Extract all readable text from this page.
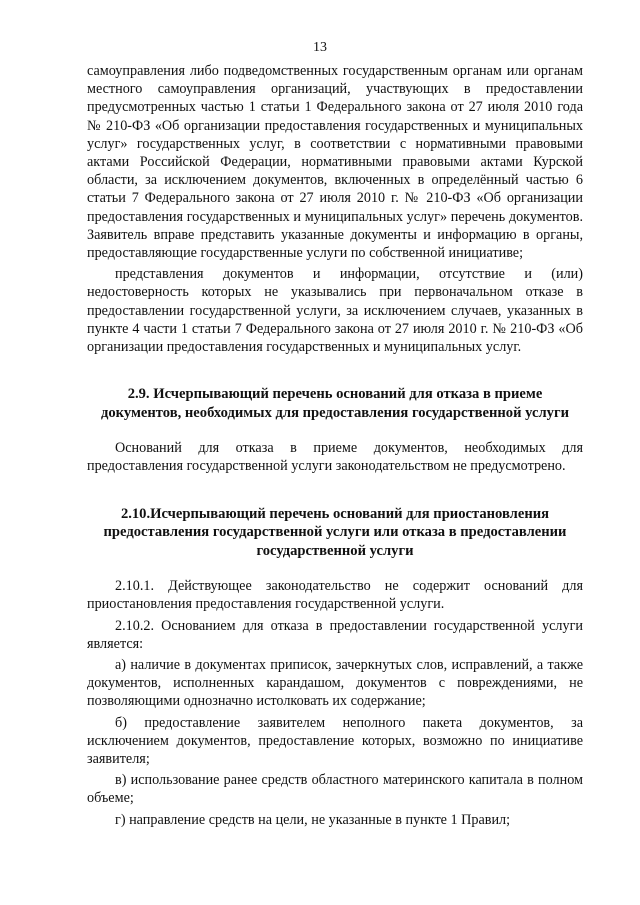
13

самоуправления либо подведомственных государственным органам или органам местного самоуправления организаций, участвующих в предоставлении предусмотренных частью 1 статьи 1 Федерального закона от 27 июля 2010 года № 210-ФЗ «Об организации предоставления государственных и муниципальных услуг» государственных услуг, в соответствии с нормативными правовыми актами Российской Федерации, нормативными правовыми актами Курской области, за исключением документов, включенных в определённый частью 6 статьи 7 Федерального закона от 27 июля 2010 г. № 210-ФЗ «Об организации предоставления государственных и муниципальных услуг» перечень документов. Заявитель вправе представить указанные документы и информацию в органы, предоставляющие государственные услуги по собственной инициативе;

представления документов и информации, отсутствие и (или) недостоверность которых не указывались при первоначальном отказе в предоставлении государственной услуги, за исключением случаев, указанных в пункте 4 части 1 статьи 7 Федерального закона от 27 июля 2010 г. № 210-ФЗ «Об организации предоставления государственных и муниципальных услуг.

2.9. Исчерпывающий перечень оснований для отказа в приеме документов, необходимых для предоставления государственной услуги

Оснований для отказа в приеме документов, необходимых для предоставления государственной услуги законодательством не предусмотрено.

2.10.Исчерпывающий перечень оснований для приостановления предоставления государственной услуги или отказа в предоставлении государственной услуги

2.10.1. Действующее законодательство не содержит оснований для приостановления предоставления государственной услуги.

2.10.2. Основанием для отказа в предоставлении государственной услуги является:

а) наличие в документах приписок, зачеркнутых слов, исправлений, а также документов, исполненных карандашом, документов с повреждениями, не позволяющими однозначно истолковать их содержание;

б) предоставление заявителем неполного пакета документов, за исключением документов, предоставление которых, возможно по инициативе заявителя;

в) использование ранее средств областного материнского капитала в полном объеме;

г) направление средств на цели, не указанные в пункте 1 Правил;
